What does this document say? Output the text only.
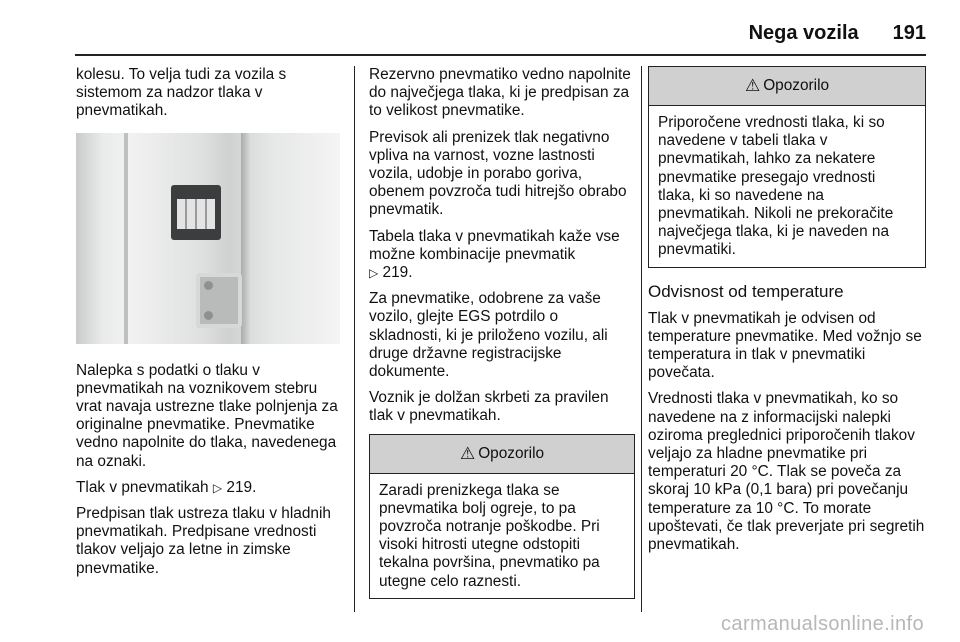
Nega vozila 191

kolesu. To velja tudi za vozila s sistemom za nadzor tlaka v pnevmatikah.

Nalepka s podatki o tlaku v pnevmatikah na voznikovem stebru vrat navaja ustrezne tlake polnjenja za originalne pnevmatike. Pnevmatike vedno napolnite do tlaka, navedenega na oznaki.

Tlak v pnevmatikah ▷ 219.

Predpisan tlak ustreza tlaku v hladnih pnevmatikah. Predpisane vrednosti tlakov veljajo za letne in zimske pnevmatike.

Rezervno pnevmatiko vedno napolnite do največjega tlaka, ki je predpisan za to velikost pnevmatike.

Previsok ali prenizek tlak negativno vpliva na varnost, vozne lastnosti vozila, udobje in porabo goriva, obenem povzroča tudi hitrejšo obrabo pnevmatik.

Tabela tlaka v pnevmatikah kaže vse možne kombinacije pnevmatik
▷ 219.

Za pnevmatike, odobrene za vaše vozilo, glejte EGS potrdilo o skladnosti, ki je priloženo vozilu, ali druge državne registracijske dokumente.

Voznik je dolžan skrbeti za pravilen tlak v pnevmatikah.

⚠ Opozorilo

Zaradi prenizkega tlaka se pnevmatika bolj ogreje, to pa povzroča notranje poškodbe. Pri visoki hitrosti utegne odstopiti tekalna površina, pnevmatiko pa utegne celo raznesti.

⚠ Opozorilo

Priporočene vrednosti tlaka, ki so navedene v tabeli tlaka v pnevmatikah, lahko za nekatere pnevmatike presegajo vrednosti tlaka, ki so navedene na pnevmatikah. Nikoli ne prekoračite največjega tlaka, ki je naveden na pnevmatiki.

Odvisnost od temperature

Tlak v pnevmatikah je odvisen od temperature pnevmatike. Med vožnjo se temperatura in tlak v pnevmatiki povečata.

Vrednosti tlaka v pnevmatikah, ko so navedene na z informacijski nalepki oziroma preglednici priporočenih tlakov veljajo za hladne pnevmatike pri temperaturi 20 °C. Tlak se poveča za skoraj 10 kPa (0,1 bara) pri povečanju temperature za 10 °C. To morate upoštevati, če tlak preverjate pri segretih pnevmatikah.

carmanualsonline.info
